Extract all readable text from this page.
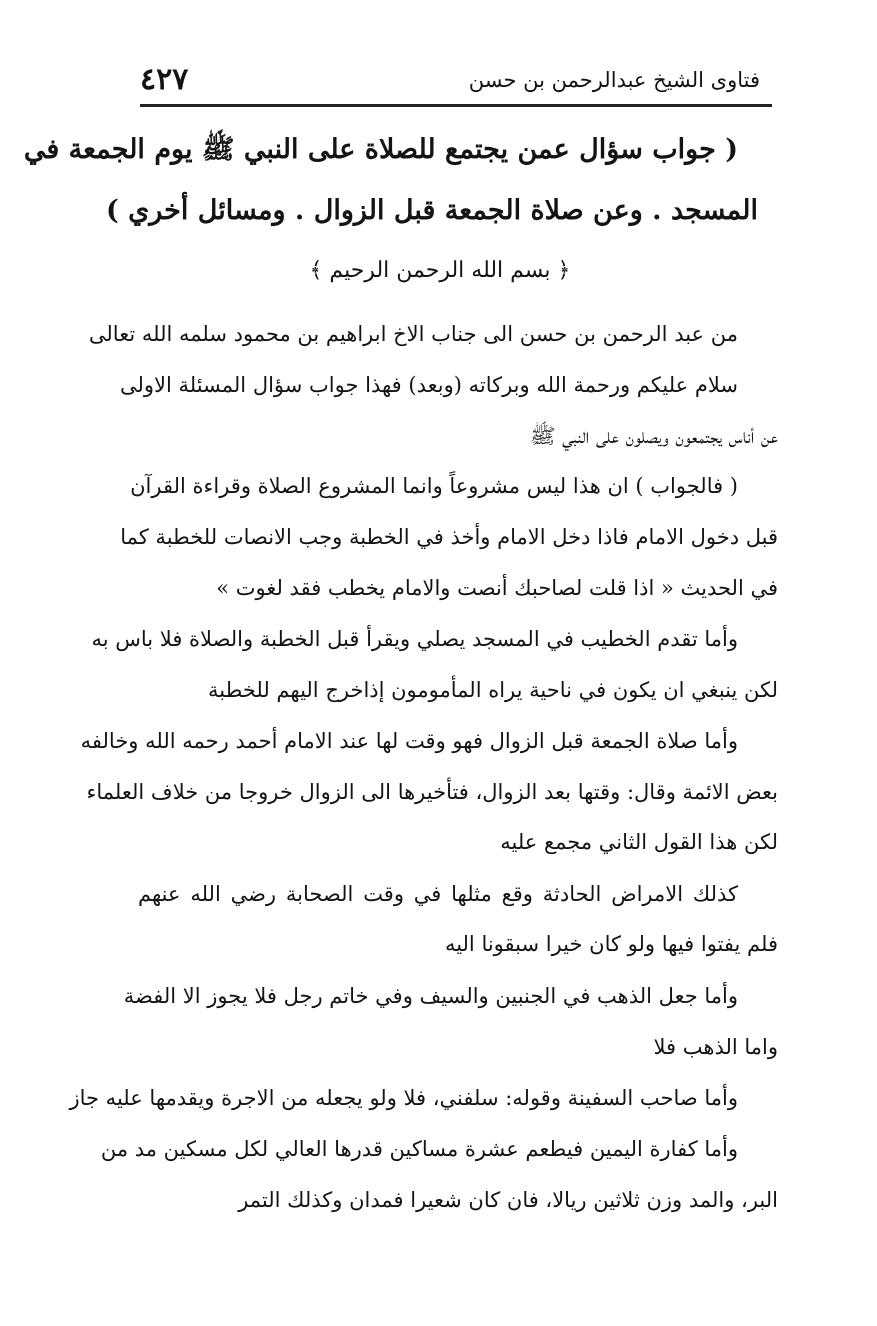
فتاوى الشيخ عبدالرحمن بن حسن
٤٢٧
( جواب سؤال عمن يجتمع للصلاة على النبي ﷺ يوم الجمعة في
المسجد . وعن صلاة الجمعة قبل الزوال . ومسائل أخري )
﴿ بسم الله الرحمن الرحيم ﴾
من عبد الرحمن بن حسن الى جناب الاخ ابراهيم بن محمود سلمه الله تعالى
سلام عليكم ورحمة الله وبركاته (وبعد) فهذا جواب سؤال المسئلة الاولى
عن أناس يجتمعون ويصلون على النبي ﷺ
( فالجواب ) ان هذا ليس مشروعاً وانما المشروع الصلاة وقراءة القرآن
قبل دخول الامام فاذا دخل الامام وأخذ في الخطبة وجب الانصات للخطبة كما
في الحديث « اذا قلت لصاحبك أنصت والامام يخطب فقد لغوت »
وأما تقدم الخطيب في المسجد يصلي ويقرأ قبل الخطبة والصلاة فلا باس به
لكن ينبغي ان يكون في ناحية يراه المأمومون إذاخرج اليهم للخطبة
وأما صلاة الجمعة قبل الزوال فهو وقت لها عند الامام أحمد رحمه الله وخالفه
بعض الائمة وقال: وقتها بعد الزوال، فتأخيرها الى الزوال خروجا من خلاف العلماء
لكن هذا القول الثاني مجمع عليه
كذلك الامراض الحادثة وقع مثلها في وقت الصحابة رضي الله عنهم
فلم يفتوا فيها ولو كان خيرا سبقونا اليه
وأما جعل الذهب في الجنبين والسيف وفي خاتم رجل فلا يجوز الا الفضة
واما الذهب فلا
وأما صاحب السفينة وقوله: سلفني، فلا ولو يجعله من الاجرة ويقدمها عليه جاز
وأما كفارة اليمين فيطعم عشرة مساكين قدرها العالي لكل مسكين مد من
البر، والمد وزن ثلاثين ريالا، فان كان شعيرا فمدان وكذلك التمر
